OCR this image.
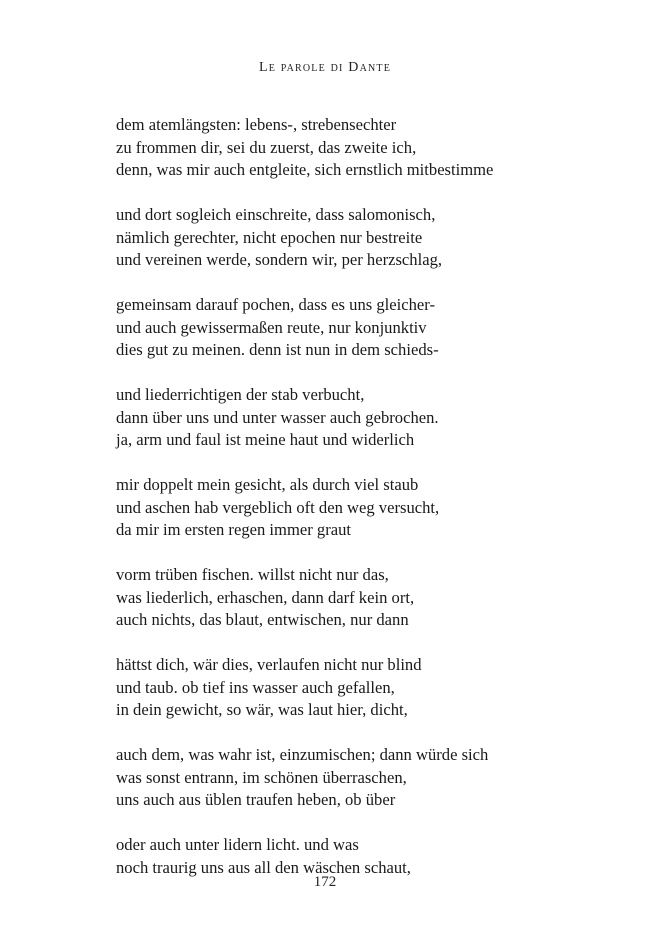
Le parole di Dante
dem atemlängsten: lebens-, strebensechter
zu frommen dir, sei du zuerst, das zweite ich,
denn, was mir auch entgleite, sich ernstlich mitbestimme
und dort sogleich einschreite, dass salomonisch,
nämlich gerechter, nicht epochen nur bestreite
und vereinen werde, sondern wir, per herzschlag,
gemeinsam darauf pochen, dass es uns gleicher-
und auch gewissermaßen reute, nur konjunktiv
dies gut zu meinen. denn ist nun in dem schieds-
und liederrichtigen der stab verbucht,
dann über uns und unter wasser auch gebrochen.
ja, arm und faul ist meine haut und widerlich
mir doppelt mein gesicht, als durch viel staub
und aschen hab vergeblich oft den weg versucht,
da mir im ersten regen immer graut
vorm trüben fischen. willst nicht nur das,
was liederlich, erhaschen, dann darf kein ort,
auch nichts, das blaut, entwischen, nur dann
hättst dich, wär dies, verlaufen nicht nur blind
und taub. ob tief ins wasser auch gefallen,
in dein gewicht, so wär, was laut hier, dicht,
auch dem, was wahr ist, einzumischen; dann würde sich
was sonst entrann, im schönen überraschen,
uns auch aus üblen traufen heben, ob über
oder auch unter lidern licht. und was
noch traurig uns aus all den wäschen schaut,
172
